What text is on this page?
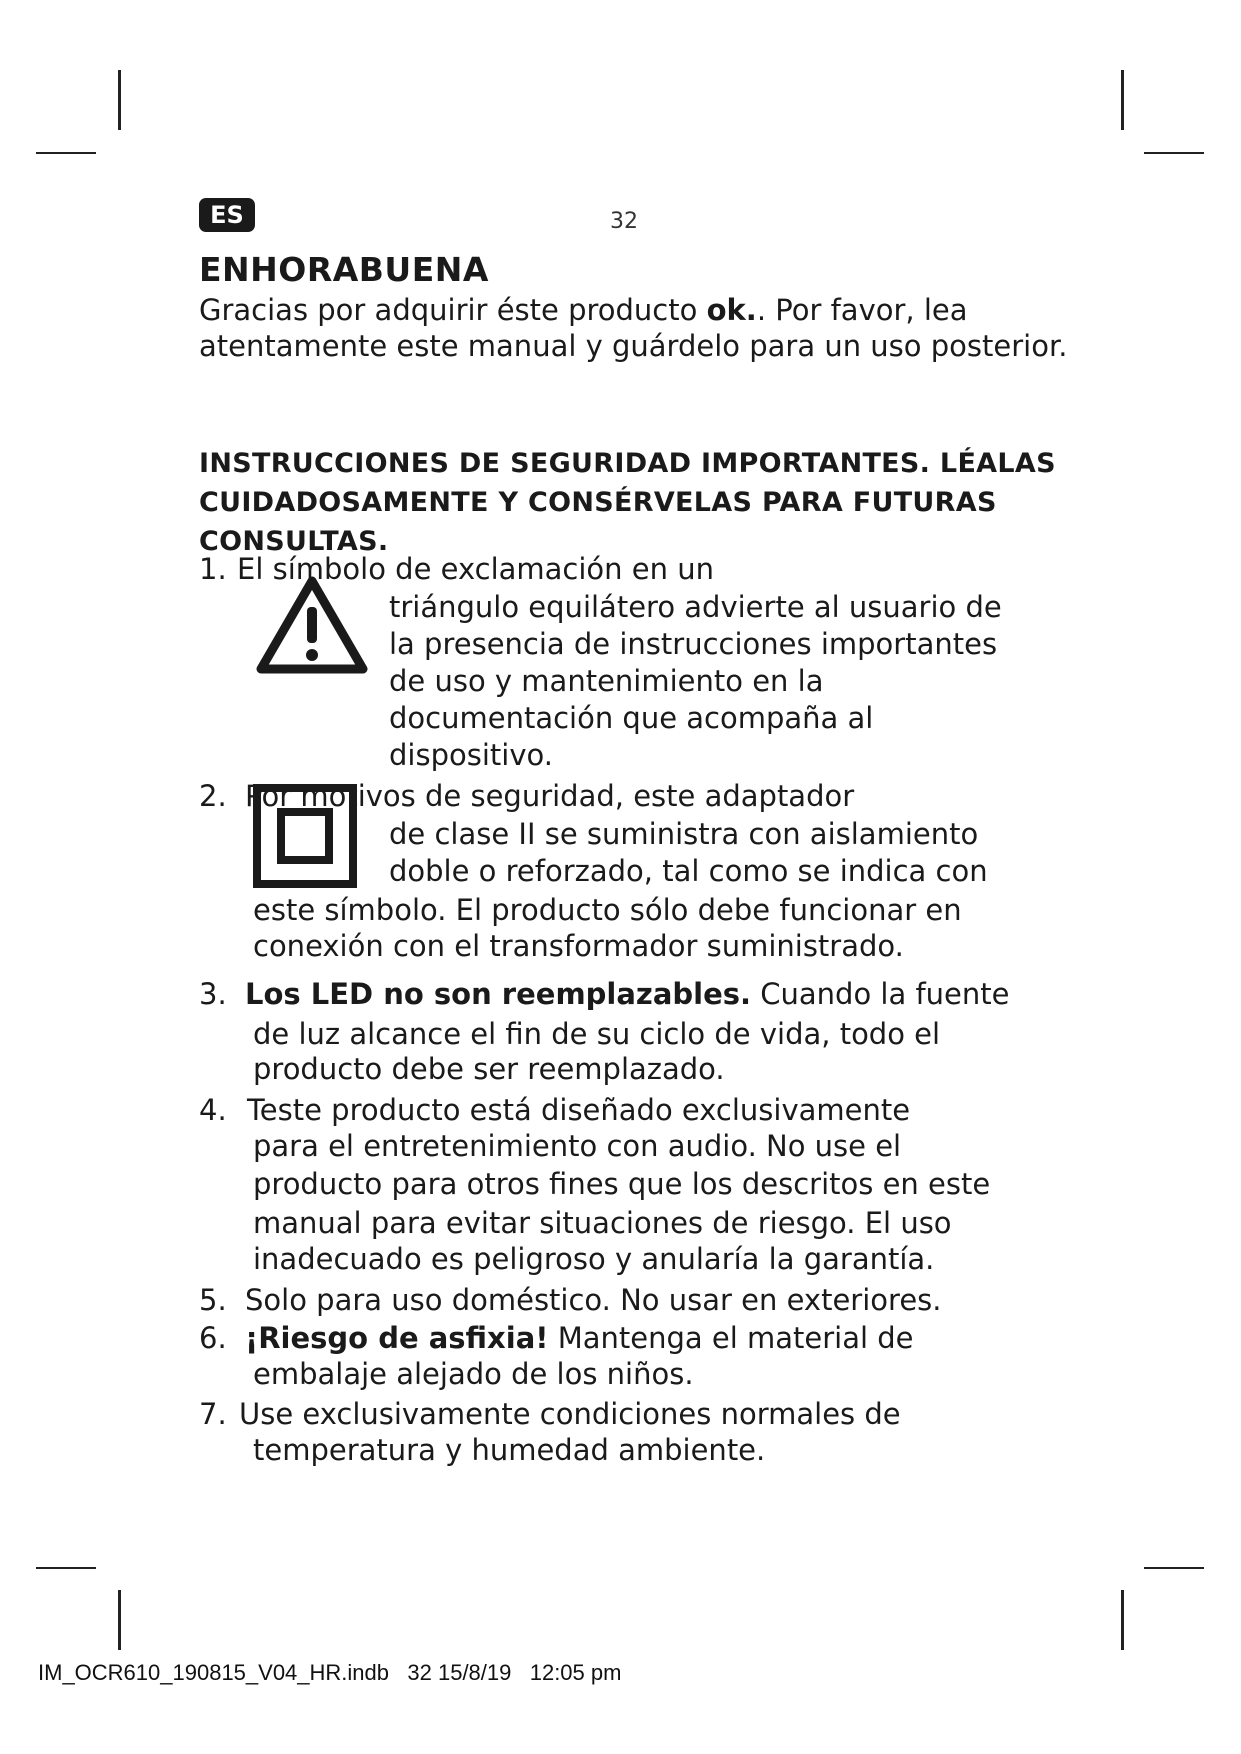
ES	32
ENHORABUENA

Gracias por adquirir éste producto ok.. Por favor, lea atentamente este manual y guárdelo para un uso posterior.

INSTRUCCIONES DE SEGURIDAD IMPORTANTES. LÉALAS CUIDADOSAMENTE Y CONSÉRVELAS PARA FUTURAS CONSULTAS.
1. El símbolo de exclamación en un
triángulo equilátero advierte al usuario de
la presencia de instrucciones importantes
de uso y mantenimiento en la
documentación que acompaña al
dispositivo.
2. Por motivos de seguridad, este adaptador
de clase II se suministra con aislamiento
doble o reforzado, tal como se indica con
este símbolo. El producto sólo debe funcionar en
conexión con el transformador suministrado.
3. Los LED no son reemplazables. Cuando la fuente
de luz alcance el fin de su ciclo de vida, todo el
producto debe ser reemplazado.
4. Teste producto está diseñado exclusivamente
para el entretenimiento con audio. No use el
producto para otros fines que los descritos en este
manual para evitar situaciones de riesgo. El uso
inadecuado es peligroso y anularía la garantía.
5. Solo para uso doméstico. No usar en exteriores.
6. ¡Riesgo de asfixia! Mantenga el material de
embalaje alejado de los niños.
7. Use exclusivamente condiciones normales de
temperatura y humedad ambiente.
IM_OCR610_190815_V04_HR.indb 32 15/8/19 12:05 pm
